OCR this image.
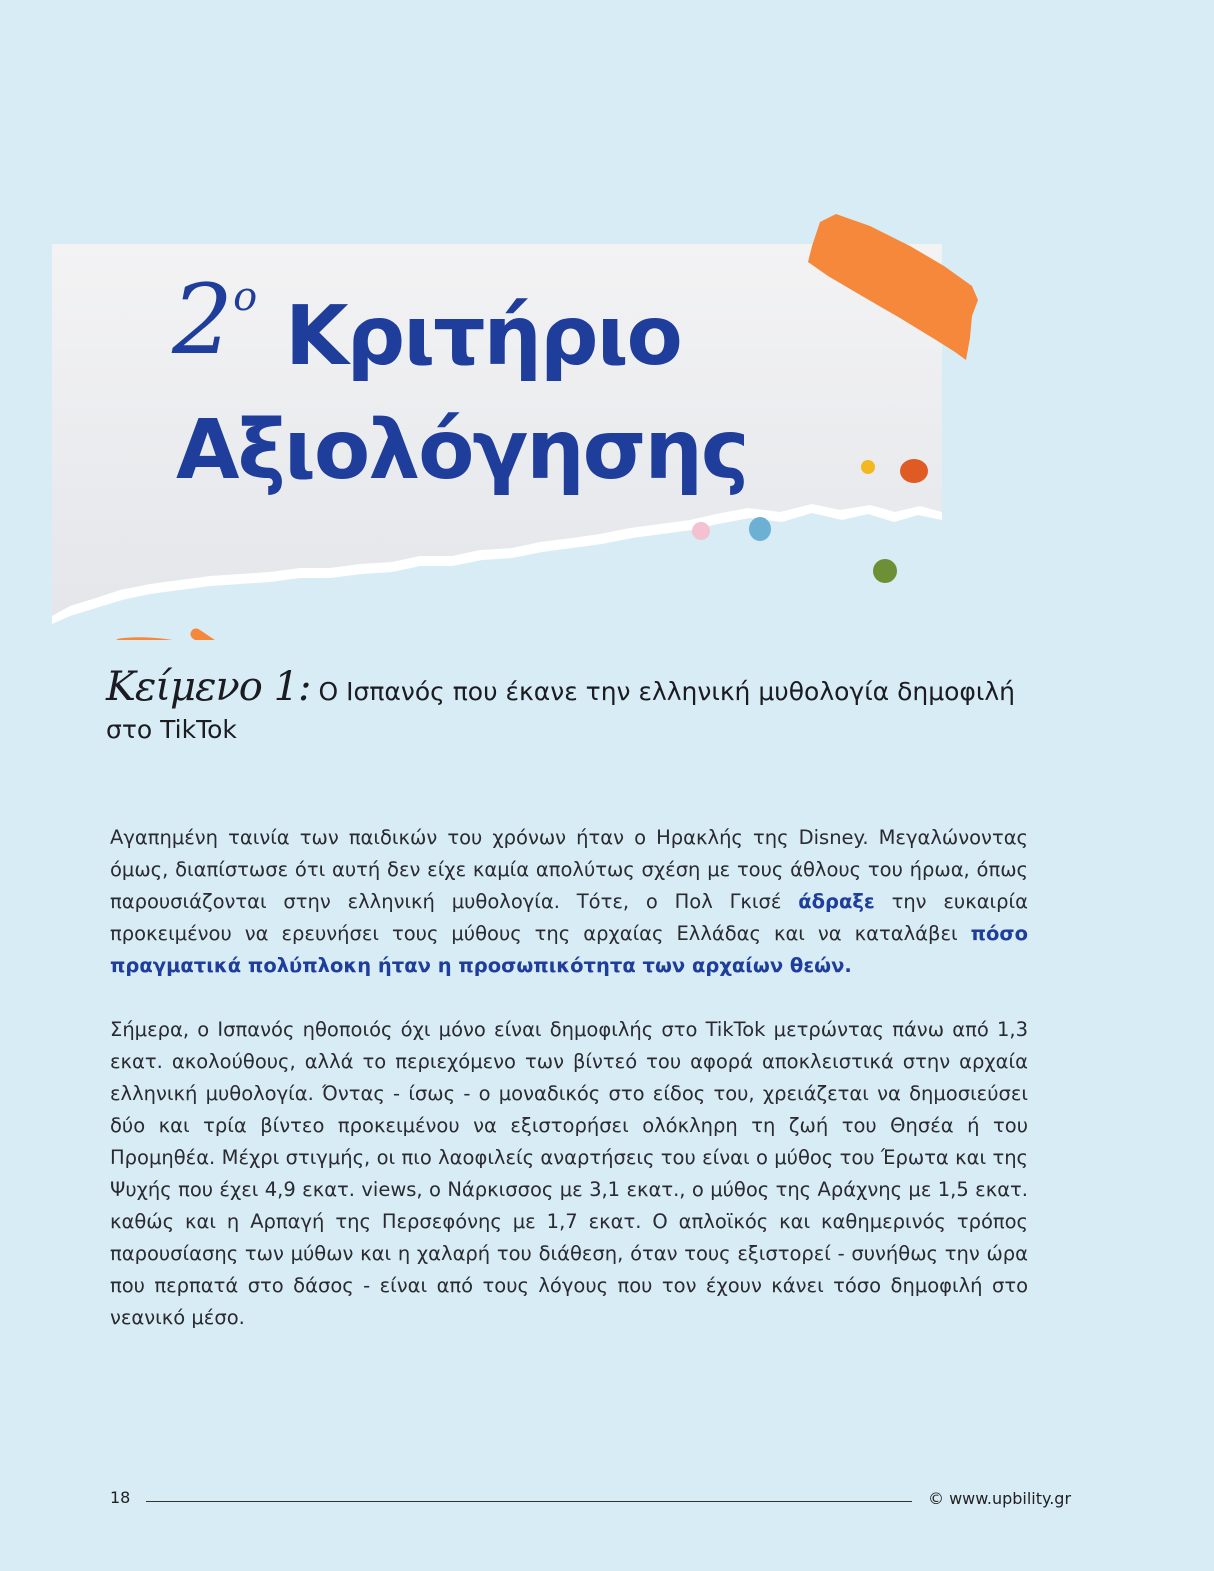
$2^o$ Κριτήριο
Αξιολόγησης
Κείμενο 1: Ο Ισπανός που έκανε την ελληνική μυθολογία δημοφιλή στο TikTok

Αγαπημένη ταινία των παιδικών του χρόνων ήταν ο Ηρακλής της Disney. Μεγαλώνοντας όμως, διαπίστωσε ότι αυτή δεν είχε καμία απολύτως σχέση με τους άθλους του ήρωα, όπως παρουσιάζονται στην ελληνική μυθολογία. Τότε, ο Πολ Γκισέ άδραξε την ευκαιρία προκειμένου να ερευνήσει τους μύθους της αρχαίας Ελλάδας και να καταλάβει πόσο πραγματικά πολύπλοκη ήταν η προσωπικότητα των αρχαίων θεών.

Σήμερα, ο Ισπανός ηθοποιός όχι μόνο είναι δημοφιλής στο TikTok μετρώντας πάνω από 1,3 εκατ. ακολούθους, αλλά το περιεχόμενο των βίντεό του αφορά αποκλειστικά στην αρχαία ελληνική μυθολογία. Όντας - ίσως - ο μοναδικός στο είδος του, χρειάζεται να δημοσιεύσει δύο και τρία βίντεο προκειμένου να εξιστορήσει ολόκληρη τη ζωή του Θησέα ή του Προμηθέα. Μέχρι στιγμής, οι πιο λαοφιλείς αναρτήσεις του είναι ο μύθος του Έρωτα και της Ψυχής που έχει 4,9 εκατ. views, ο Νάρκισσος με 3,1 εκατ., ο μύθος της Αράχνης με 1,5 εκατ. καθώς και η Αρπαγή της Περσεφόνης με 1,7 εκατ. Ο απλοϊκός και καθημερινός τρόπος παρουσίασης των μύθων και η χαλαρή του διάθεση, όταν τους εξιστορεί - συνήθως την ώρα που περπατά στο δάσος - είναι από τους λόγους που τον έχουν κάνει τόσο δημοφιλή στο νεανικό μέσο.

18	© www.upbility.gr
